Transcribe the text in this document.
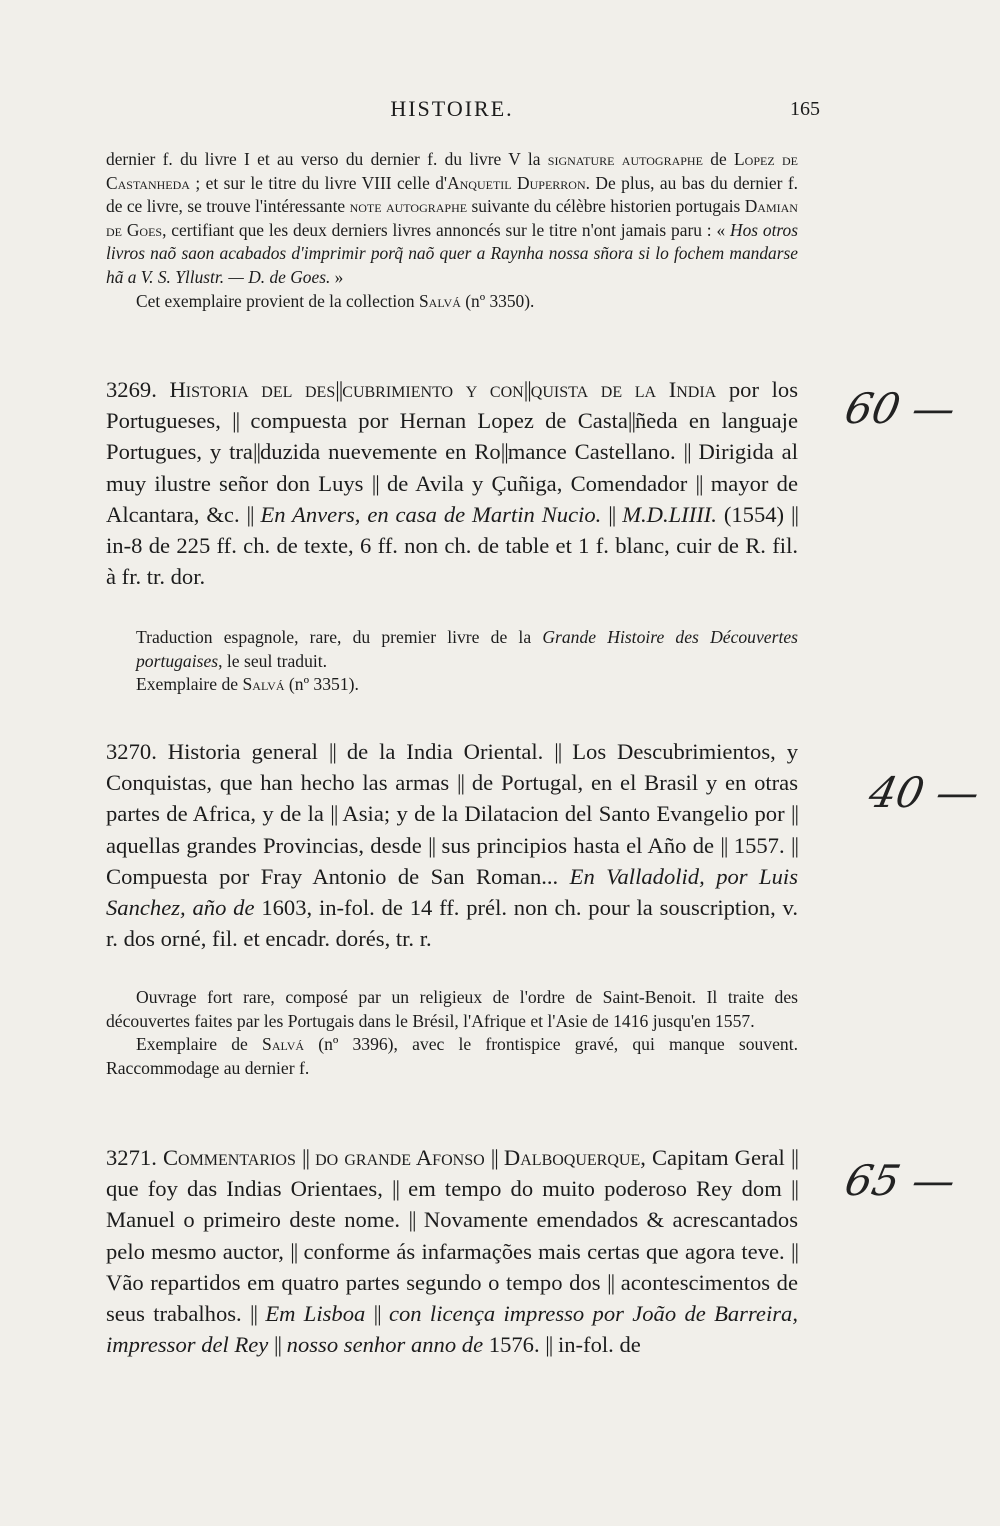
HISTOIRE.	165

dernier f. du livre I et au verso du dernier f. du livre V la signature autographe de Lopez de Castanheda ; et sur le titre du livre VIII celle d'Anquetil Duperron. De plus, au bas du dernier f. de ce livre, se trouve l'intéressante note autographe suivante du célèbre historien portugais Damian de Goes, certifiant que les deux derniers livres annoncés sur le titre n'ont jamais paru : « Hos otros livros naõ saon acabados d'imprimir porq̃ naõ quer a Raynha nossa sñora si lo fochem mandarse hã a V. S. Yllustr. — D. de Goes. »

Cet exemplaire provient de la collection Salvá (nº 3350).

3269. Historia del des||cubrimiento y con||quista de la India por los Portugueses, || compuesta por Hernan Lopez de Casta||ñeda en languaje Portugues, y tra||duzida nuevemente en Ro||mance Castellano. || Dirigida al muy ilustre señor don Luys || de Avila y Çuñiga, Comendador || mayor de Alcantara, &c. || En Anvers, en casa de Martin Nucio. || M.D.LIIII. (1554) || in-8 de 225 ff. ch. de texte, 6 ff. non ch. de table et 1 f. blanc, cuir de R. fil. à fr. tr. dor.

Traduction espagnole, rare, du premier livre de la Grande Histoire des Découvertes portugaises, le seul traduit.

Exemplaire de Salvá (nº 3351).

60 —

3270. Historia general || de la India Oriental. || Los Descubrimientos, y Conquistas, que han hecho las armas || de Portugal, en el Brasil y en otras partes de Africa, y de la || Asia; y de la Dilatacion del Santo Evangelio por || aquellas grandes Provincias, desde || sus principios hasta el Año de || 1557. || Compuesta por Fray Antonio de San Roman... En Valladolid, por Luis Sanchez, año de 1603, in-fol. de 14 ff. prél. non ch. pour la souscription, v. r. dos orné, fil. et encadr. dorés, tr. r.

Ouvrage fort rare, composé par un religieux de l'ordre de Saint-Benoit. Il traite des découvertes faites par les Portugais dans le Brésil, l'Afrique et l'Asie de 1416 jusqu'en 1557.

Exemplaire de Salvá (nº 3396), avec le frontispice gravé, qui manque souvent. Raccommodage au dernier f.

40 —

3271. Commentarios || do grande Afonso || Dalboquerque, Capitam Geral || que foy das Indias Orientaes, || em tempo do muito poderoso Rey dom || Manuel o primeiro deste nome. || Novamente emendados & acrescantados pelo mesmo auctor, || conforme ás infarmações mais certas que agora teve. || Vão repartidos em quatro partes segundo o tempo dos || acontescimentos de seus trabalhos. || Em Lisboa || con licença impresso por João de Barreira, impressor del Rey || nosso senhor anno de 1576. || in-fol. de

65 —
